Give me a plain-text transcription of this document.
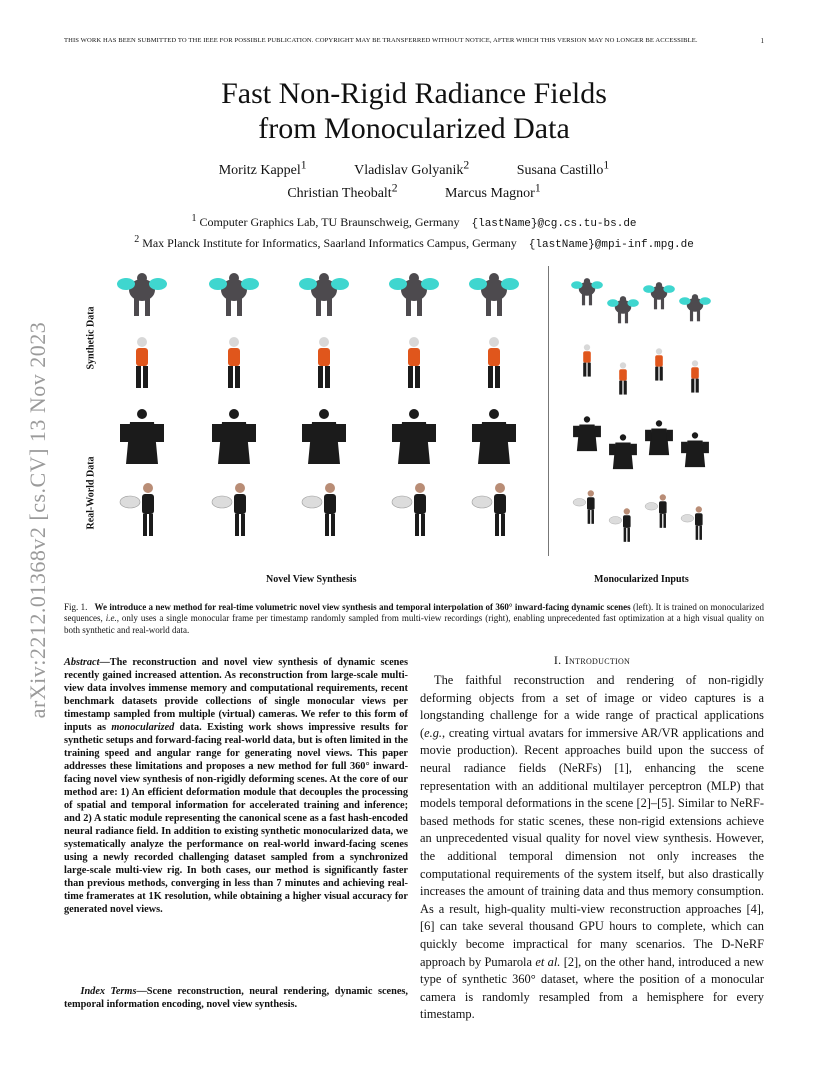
THIS WORK HAS BEEN SUBMITTED TO THE IEEE FOR POSSIBLE PUBLICATION. COPYRIGHT MAY BE TRANSFERRED WITHOUT NOTICE, AFTER WHICH THIS VERSION MAY NO LONGER BE ACCESSIBLE.	1
arXiv:2212.01368v2 [cs.CV] 13 Nov 2023
Fast Non-Rigid Radiance Fields
from Monocularized Data
Moritz Kappel$^1$	Vladislav Golyanik$^2$	Susana Castillo$^1$
Christian Theobalt$^2$	Marcus Magnor$^1$
$^1$ Computer Graphics Lab, TU Braunschweig, Germany {lastName}@cg.cs.tu-bs.de
$^2$ Max Planck Institute for Informatics, Saarland Informatics Campus, Germany {lastName}@mpi-inf.mpg.de
Synthetic Data
Real-World Data
Novel View Synthesis	Monocularized Inputs
Fig. 1. We introduce a new method for real-time volumetric novel view synthesis and temporal interpolation of 360° inward-facing dynamic scenes (left). It is trained on monocularized sequences, i.e., only uses a single monocular frame per timestamp randomly sampled from multi-view recordings (right), enabling unprecedented fast optimization at a high visual quality on both synthetic and real-world data.
Abstract—The reconstruction and novel view synthesis of dynamic scenes recently gained increased attention. As reconstruction from large-scale multi-view data involves immense memory and computational requirements, recent benchmark datasets provide collections of single monocular views per timestamp sampled from multiple (virtual) cameras. We refer to this form of inputs as monocularized data. Existing work shows impressive results for synthetic setups and forward-facing real-world data, but is often limited in the training speed and angular range for generating novel views. This paper addresses these limitations and proposes a new method for full 360° inward-facing novel view synthesis of non-rigidly deforming scenes. At the core of our method are: 1) An efficient deformation module that decouples the processing of spatial and temporal information for accelerated training and inference; and 2) A static module representing the canonical scene as a fast hash-encoded neural radiance field. In addition to existing synthetic monocularized data, we systematically analyze the performance on real-world inward-facing scenes using a newly recorded challenging dataset sampled from a synchronized large-scale multi-view rig. In both cases, our method is significantly faster than previous methods, converging in less than 7 minutes and achieving real-time framerates at 1K resolution, while obtaining a higher visual accuracy for generated novel views.
Index Terms—Scene reconstruction, neural rendering, dynamic scenes, temporal information encoding, novel view synthesis.
I. Introduction
The faithful reconstruction and rendering of non-rigidly deforming objects from a set of image or video captures is a longstanding challenge for a wide range of practical applications (e.g., creating virtual avatars for immersive AR/VR applications and movie production). Recent approaches build upon the success of neural radiance fields (NeRFs) [1], enhancing the scene representation with an additional multilayer perceptron (MLP) that models temporal deformations in the scene [2]–[5]. Similar to NeRF-based methods for static scenes, these non-rigid extensions achieve an unprecedented visual quality for novel view synthesis. However, the additional temporal dimension not only increases the computational requirements of the system itself, but also drastically increases the amount of training data and thus memory consumption. As a result, high-quality multi-view reconstruction approaches [4], [6] can take several thousand GPU hours to complete, which can quickly become impractical for many scenarios. The D-NeRF approach by Pumarola et al. [2], on the other hand, introduced a new type of synthetic 360° dataset, where the position of a monocular camera is randomly resampled from a hemisphere for every timestamp.
